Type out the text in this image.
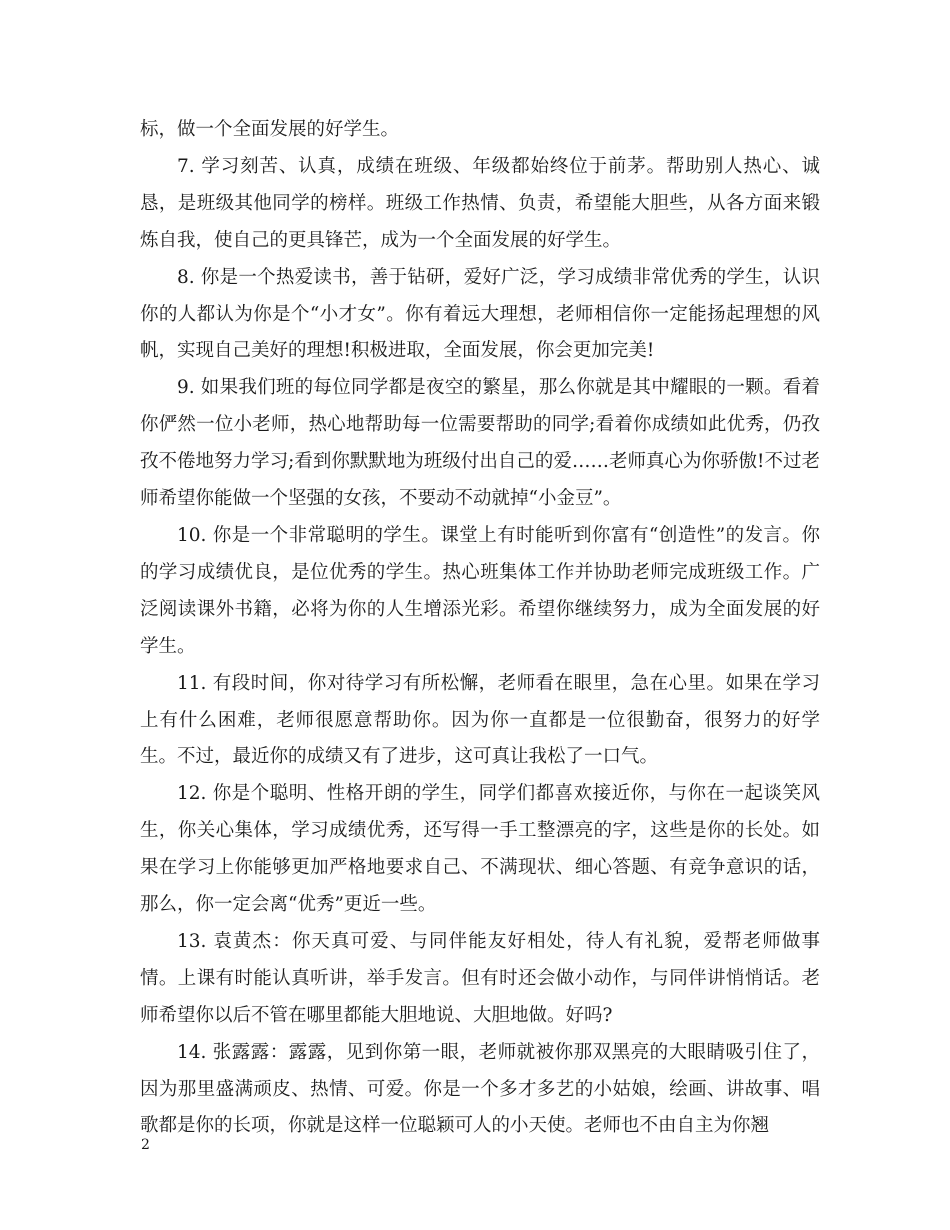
标，做一个全面发展的好学生。

7. 学习刻苦、认真，成绩在班级、年级都始终位于前茅。帮助别人热心、诚恳，是班级其他同学的榜样。班级工作热情、负责，希望能大胆些，从各方面来锻炼自我，使自己的更具锋芒，成为一个全面发展的好学生。

8. 你是一个热爱读书，善于钻研，爱好广泛，学习成绩非常优秀的学生，认识你的人都认为你是个“小才女”。你有着远大理想，老师相信你一定能扬起理想的风帆，实现自己美好的理想!积极进取，全面发展，你会更加完美!

9. 如果我们班的每位同学都是夜空的繁星，那么你就是其中耀眼的一颗。看着你俨然一位小老师，热心地帮助每一位需要帮助的同学;看着你成绩如此优秀，仍孜孜不倦地努力学习;看到你默默地为班级付出自己的爱……老师真心为你骄傲!不过老师希望你能做一个坚强的女孩，不要动不动就掉“小金豆”。

10. 你是一个非常聪明的学生。课堂上有时能听到你富有“创造性”的发言。你的学习成绩优良，是位优秀的学生。热心班集体工作并协助老师完成班级工作。广泛阅读课外书籍，必将为你的人生增添光彩。希望你继续努力，成为全面发展的好学生。

11. 有段时间，你对待学习有所松懈，老师看在眼里，急在心里。如果在学习上有什么困难，老师很愿意帮助你。因为你一直都是一位很勤奋，很努力的好学生。不过，最近你的成绩又有了进步，这可真让我松了一口气。

12. 你是个聪明、性格开朗的学生，同学们都喜欢接近你，与你在一起谈笑风生，你关心集体，学习成绩优秀，还写得一手工整漂亮的字，这些是你的长处。如果在学习上你能够更加严格地要求自己、不满现状、细心答题、有竞争意识的话，那么，你一定会离“优秀”更近一些。

13. 袁黄杰：你天真可爱、与同伴能友好相处，待人有礼貌，爱帮老师做事情。上课有时能认真听讲，举手发言。但有时还会做小动作，与同伴讲悄悄话。老师希望你以后不管在哪里都能大胆地说、大胆地做。好吗?

14. 张露露：露露，见到你第一眼，老师就被你那双黑亮的大眼睛吸引住了，因为那里盛满顽皮、热情、可爱。你是一个多才多艺的小姑娘，绘画、讲故事、唱歌都是你的长项，你就是这样一位聪颖可人的小天使。老师也不由自主为你翘

2
